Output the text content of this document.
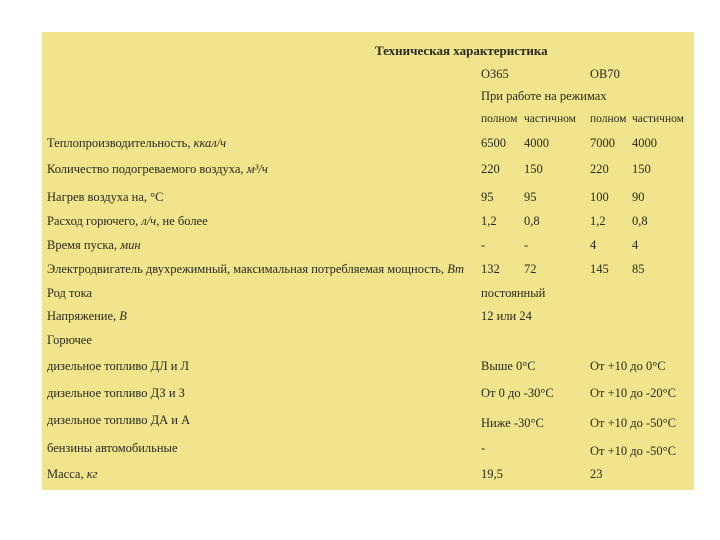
Техническая характеристика
ОЗ65	ОВ70
При работе на режимах
полном частичном полном частичном
Теплопроизводительность, ккал/ч	6500 4000	7000 4000
Количество подогреваемого воздуха, м³/ч	220 150	220 150
Нагрев воздуха на, °С	95 95	100 90
Расход горючего, л/ч, не более	1,2 0,8	1,2 0,8
Время пуска, мин	-	-	4	4
Электродвигатель двухрежимный, максимальная потребляемая мощность, Вт 132 72	145 85
Род тока	постоянный
Напряжение, В	12 или 24
Горючее
дизельное топливо ДЛ и Л	Выше 0°С	От +10 до 0°С
дизельное топливо ДЗ и З	От 0 до -30°С	От +10 до -20°С
дизельное топливо ДА и А	Ниже -30°С	От +10 до -50°С
бензины автомобильные	-	От +10 до -50°С
Масса, кг	19,5	23
